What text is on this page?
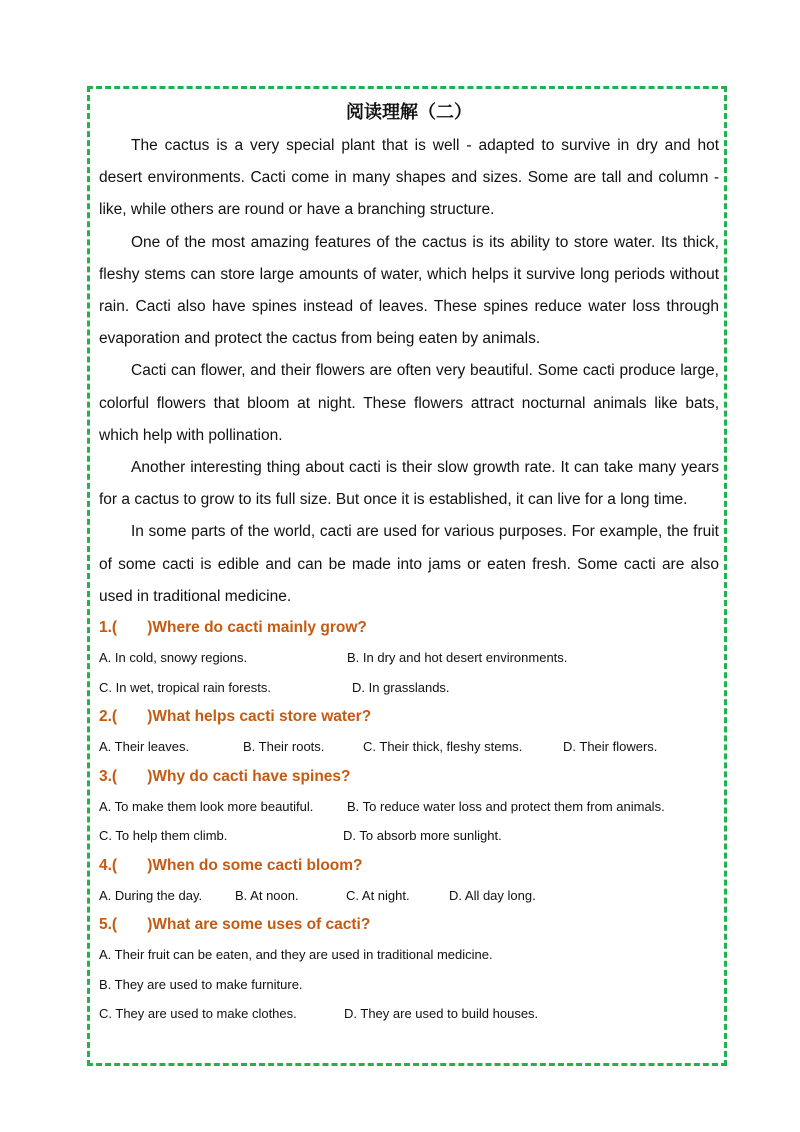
阅读理解（二）

The cactus is a very special plant that is well - adapted to survive in dry and hot desert environments. Cacti come in many shapes and sizes. Some are tall and column - like, while others are round or have a branching structure.

One of the most amazing features of the cactus is its ability to store water. Its thick, fleshy stems can store large amounts of water, which helps it survive long periods without rain. Cacti also have spines instead of leaves. These spines reduce water loss through evaporation and protect the cactus from being eaten by animals.

Cacti can flower, and their flowers are often very beautiful. Some cacti produce large, colorful flowers that bloom at night. These flowers attract nocturnal animals like bats, which help with pollination.

Another interesting thing about cacti is their slow growth rate. It can take many years for a cactus to grow to its full size. But once it is established, it can live for a long time.

In some parts of the world, cacti are used for various purposes. For example, the fruit of some cacti is edible and can be made into jams or eaten fresh. Some cacti are also used in traditional medicine.

1.(       )Where do cacti mainly grow?

A. In cold, snowy regions.	B. In dry and hot desert environments.
C. In wet, tropical rain forests.	D. In grasslands.

2.(       )What helps cacti store water?

A. Their leaves.	B. Their roots.	C. Their thick, fleshy stems.	D. Their flowers.

3.(       )Why do cacti have spines?

A. To make them look more beautiful.	B. To reduce water loss and protect them from animals.
C. To help them climb.	D. To absorb more sunlight.

4.(       )When do some cacti bloom?

A. During the day.	B. At noon.	C. At night.	D. All day long.

5.(       )What are some uses of cacti?

A. Their fruit can be eaten, and they are used in traditional medicine.
B. They are used to make furniture.
C. They are used to make clothes.	D. They are used to build houses.
